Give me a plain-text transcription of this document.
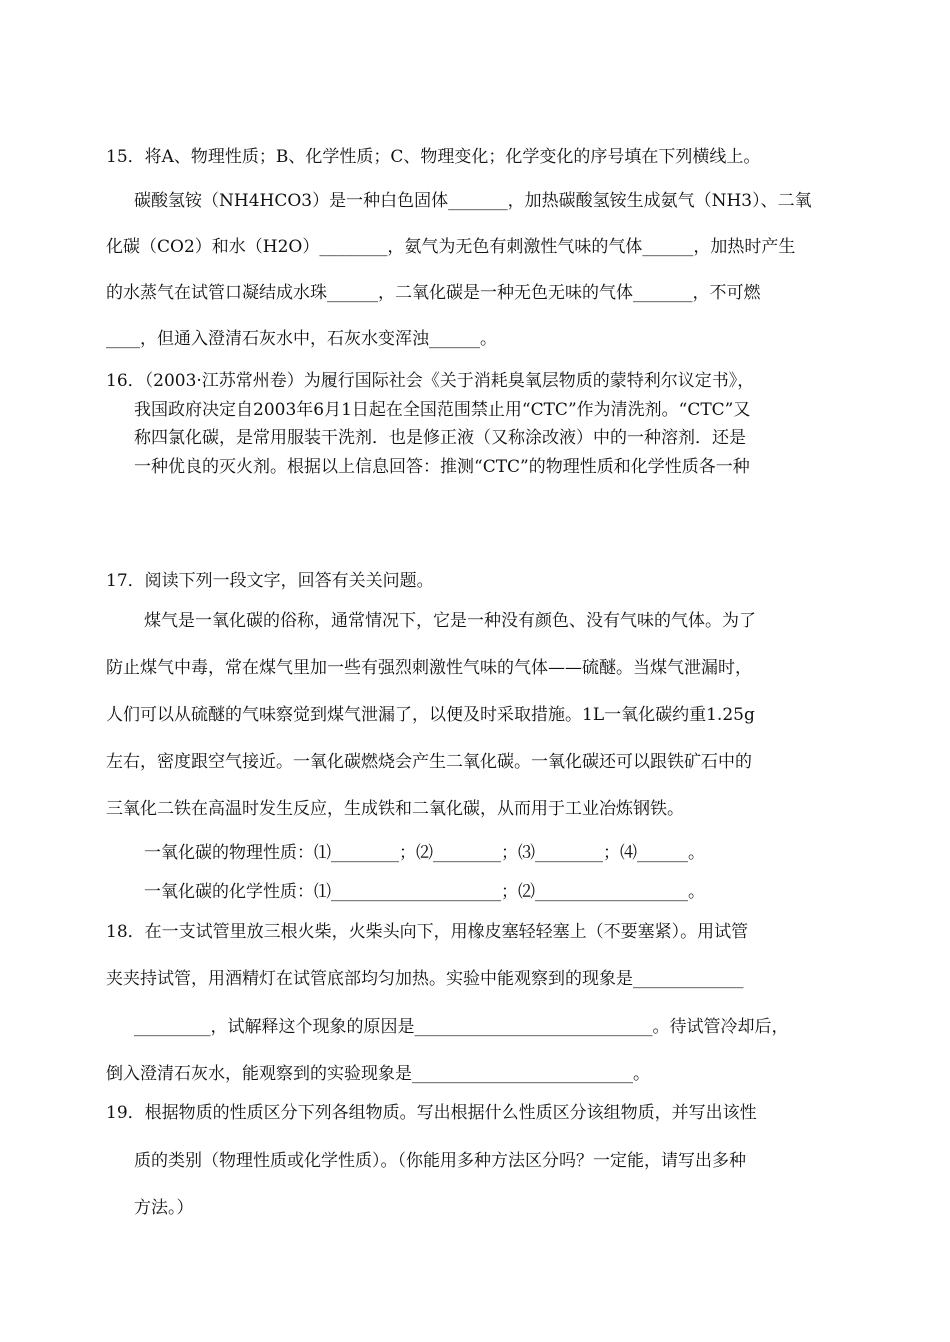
15．将A、物理性质；B、化学性质；C、物理变化；化学变化的序号填在下列横线上。
碳酸氢铵（NH4HCO3）是一种白色固体_______，加热碳酸氢铵生成氨气（NH3）、二氧
化碳（CO2）和水（H2O）________，氨气为无色有刺激性气味的气体______，加热时产生
的水蒸气在试管口凝结成水珠______，二氧化碳是一种无色无味的气体_______，不可燃
____，但通入澄清石灰水中，石灰水变浑浊______。
16．（2003·江苏常州卷）为履行国际社会《关于消耗臭氧层物质的蒙特利尔议定书》，
我国政府决定自2003年6月1日起在全国范围禁止用“CTC”作为清洗剂。“CTC”又
称四氯化碳，是常用服装干洗剂．也是修正液（又称涂改液）中的一种溶剂．还是
一种优良的灭火剂。根据以上信息回答：推测“CTC”的物理性质和化学性质各一种
17．阅读下列一段文字，回答有关关问题。
煤气是一氧化碳的俗称，通常情况下，它是一种没有颜色、没有气味的气体。为了
防止煤气中毒，常在煤气里加一些有强烈刺激性气味的气体——硫醚。当煤气泄漏时，
人们可以从硫醚的气味察觉到煤气泄漏了，以便及时采取措施。1L一氧化碳约重1.25g
左右，密度跟空气接近。一氧化碳燃烧会产生二氧化碳。一氧化碳还可以跟铁矿石中的
三氧化二铁在高温时发生反应，生成铁和二氧化碳，从而用于工业冶炼钢铁。
一氧化碳的物理性质：⑴________；⑵________；⑶________；⑷______。
一氧化碳的化学性质：⑴____________________；⑵__________________。
18．在一支试管里放三根火柴，火柴头向下，用橡皮塞轻轻塞上（不要塞紧）。用试管
夹夹持试管，用酒精灯在试管底部均匀加热。实验中能观察到的现象是_____________
_________，试解释这个现象的原因是____________________________。待试管冷却后，
倒入澄清石灰水，能观察到的实验现象是__________________________。
19．根据物质的性质区分下列各组物质。写出根据什么性质区分该组物质，并写出该性
质的类别（物理性质或化学性质）。（你能用多种方法区分吗？一定能，请写出多种
方法。）
